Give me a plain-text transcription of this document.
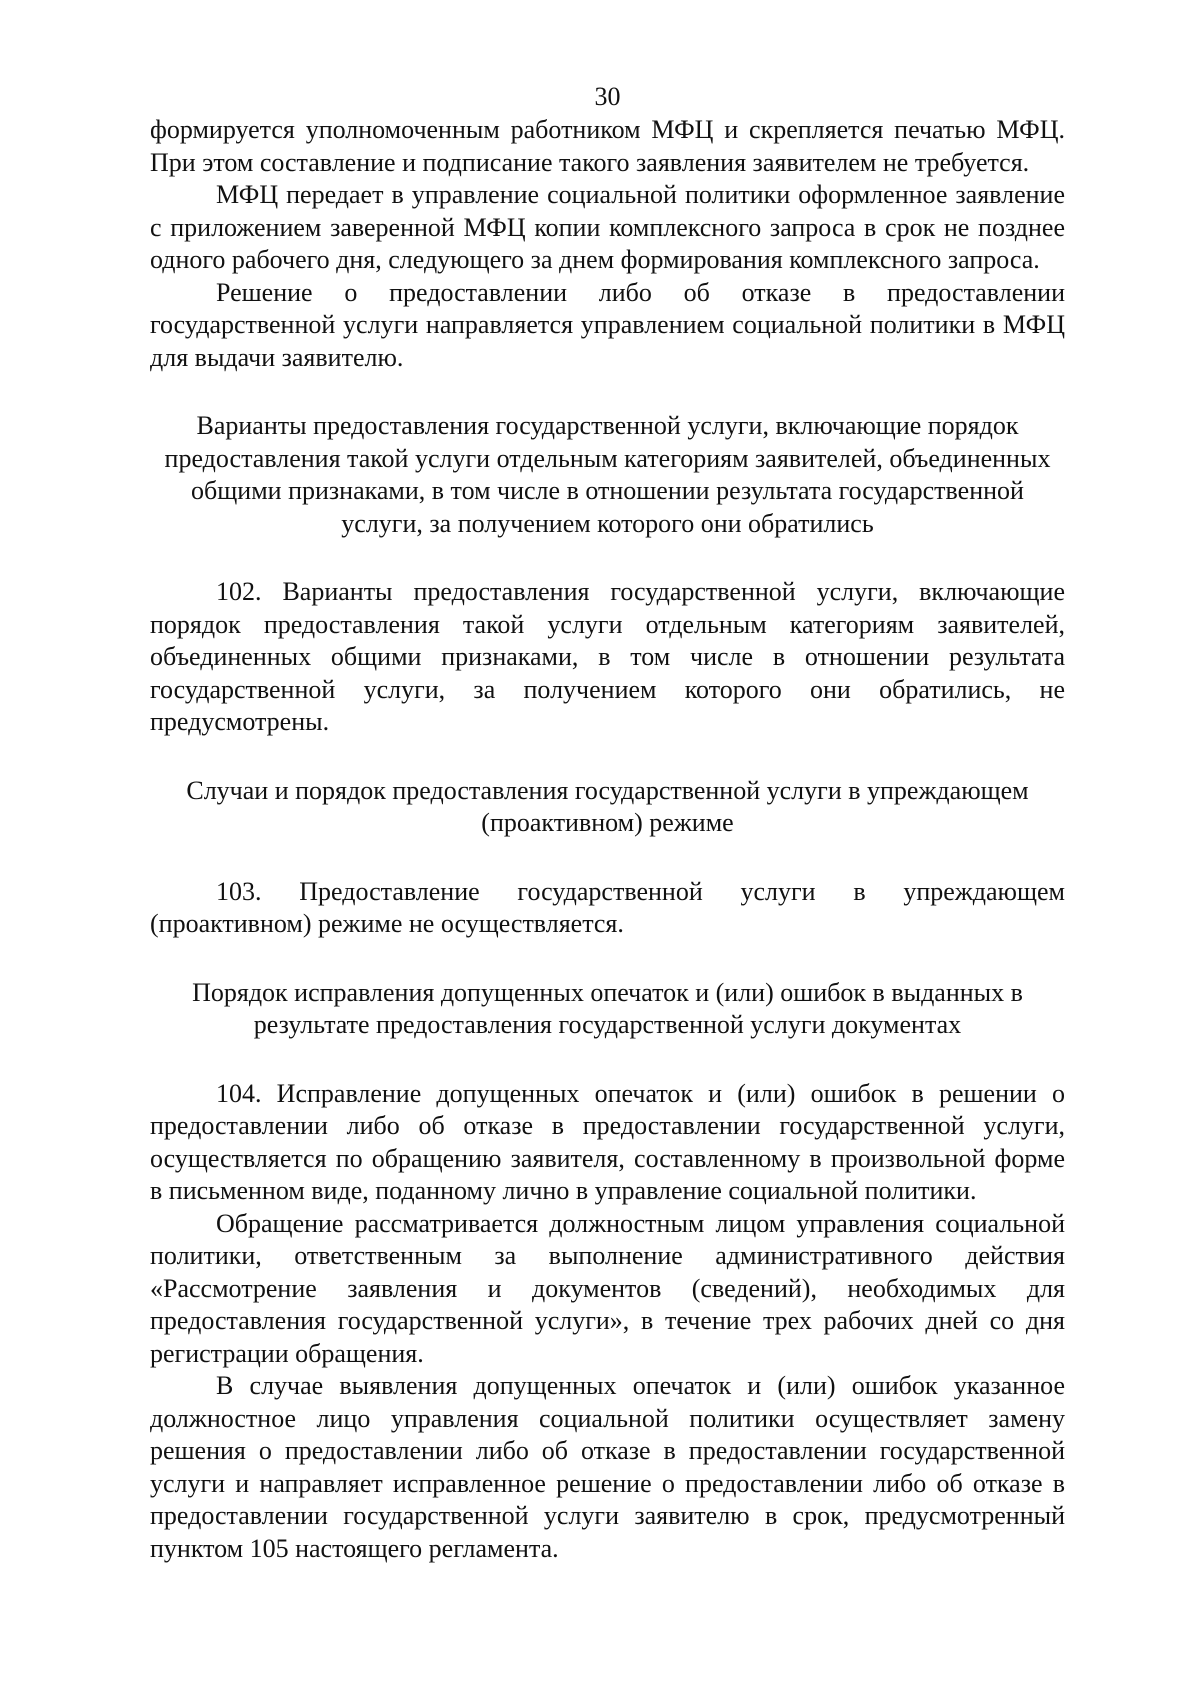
30

формируется уполномоченным работником МФЦ и скрепляется печатью МФЦ. При этом составление и подписание такого заявления заявителем не требуется.

МФЦ передает в управление социальной политики оформленное заявление с приложением заверенной МФЦ копии комплексного запроса в срок не позднее одного рабочего дня, следующего за днем формирования комплексного запроса.

Решение о предоставлении либо об отказе в предоставлении государственной услуги направляется управлением социальной политики в МФЦ для выдачи заявителю.

Варианты предоставления государственной услуги, включающие порядок предоставления такой услуги отдельным категориям заявителей, объединенных общими признаками, в том числе в отношении результата государственной услуги, за получением которого они обратились

102. Варианты предоставления государственной услуги, включающие порядок предоставления такой услуги отдельным категориям заявителей, объединенных общими признаками, в том числе в отношении результата государственной услуги, за получением которого они обратились, не предусмотрены.

Случаи и порядок предоставления государственной услуги в упреждающем (проактивном) режиме

103. Предоставление государственной услуги в упреждающем (проактивном) режиме не осуществляется.

Порядок исправления допущенных опечаток и (или) ошибок в выданных в результате предоставления государственной услуги документах

104. Исправление допущенных опечаток и (или) ошибок в решении о предоставлении либо об отказе в предоставлении государственной услуги, осуществляется по обращению заявителя, составленному в произвольной форме в письменном виде, поданному лично в управление социальной политики.

Обращение рассматривается должностным лицом управления социальной политики, ответственным за выполнение административного действия «Рассмотрение заявления и документов (сведений), необходимых для предоставления государственной услуги», в течение трех рабочих дней со дня регистрации обращения.

В случае выявления допущенных опечаток и (или) ошибок указанное должностное лицо управления социальной политики осуществляет замену решения о предоставлении либо об отказе в предоставлении государственной услуги и направляет исправленное решение о предоставлении либо об отказе в предоставлении государственной услуги заявителю в срок, предусмотренный пунктом 105 настоящего регламента.
